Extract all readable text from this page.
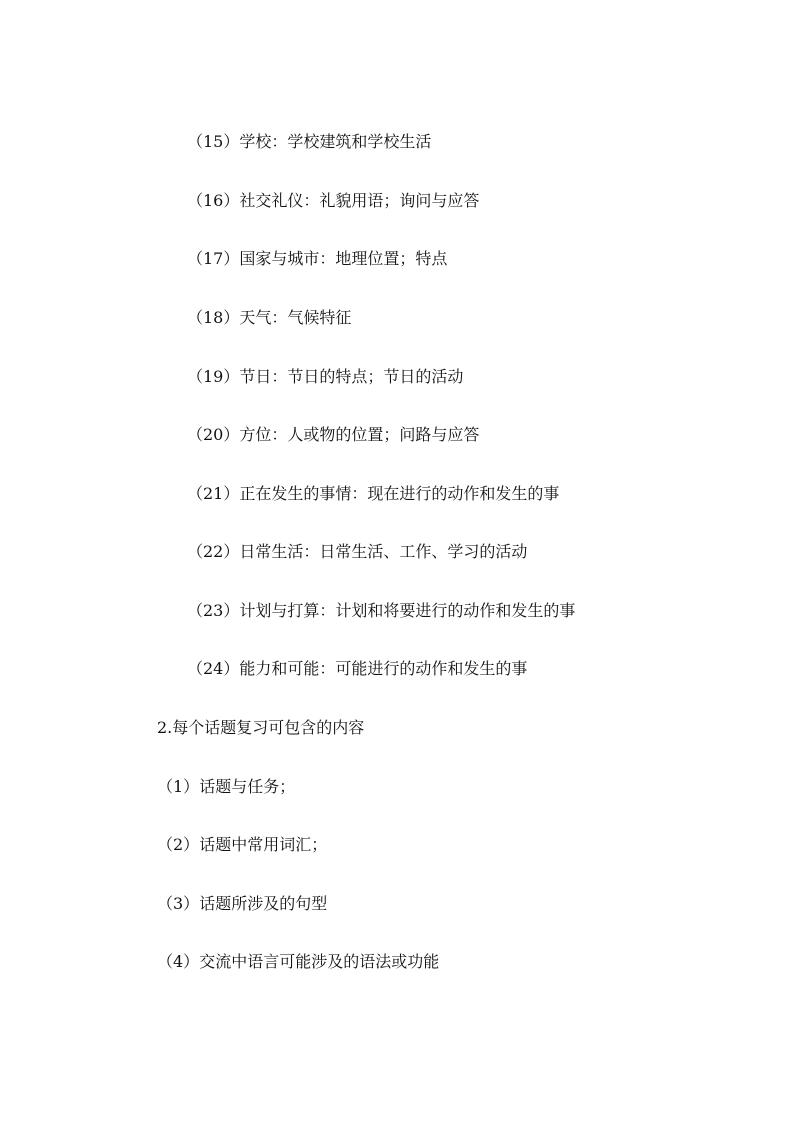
（15）学校：学校建筑和学校生活
（16）社交礼仪：礼貌用语；询问与应答
（17）国家与城市：地理位置；特点
（18）天气：气候特征
（19）节日：节日的特点；节日的活动
（20）方位：人或物的位置；问路与应答
（21）正在发生的事情：现在进行的动作和发生的事
（22）日常生活：日常生活、工作、学习的活动
（23）计划与打算：计划和将要进行的动作和发生的事
（24）能力和可能：可能进行的动作和发生的事
2.每个话题复习可包含的内容
（1）话题与任务；
（2）话题中常用词汇；
（3）话题所涉及的句型
（4）交流中语言可能涉及的语法或功能
